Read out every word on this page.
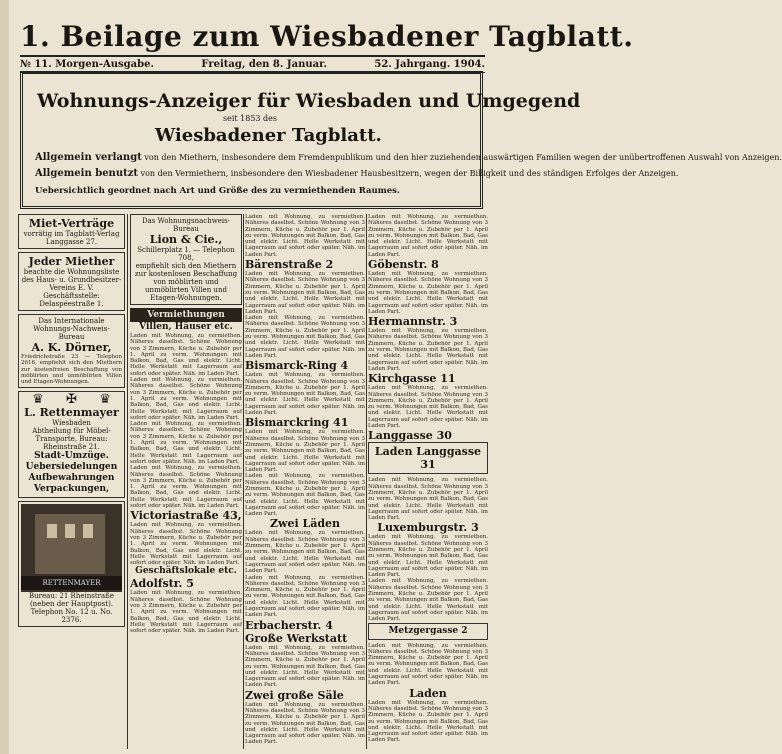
1. Beilage zum Wiesbadener Tagblatt.
№ 11. Morgen-Ausgabe.	Freitag, den 8. Januar.	52. Jahrgang. 1904.
Wohnungs-Anzeiger für Wiesbaden und Umgegend
seit 1853 des
Wiesbadener Tagblatt.
Allgemein verlangt von den Miethern, insbesondere dem Fremdenpublikum und den hier zuziehenden auswärtigen Familien wegen der unübertroffenen Auswahl von Anzeigen.
Allgemein benutzt von den Vermiethern, insbesondere den Wiesbadener Hausbesitzern, wegen der Billigkeit und des ständigen Erfolges der Anzeigen.
Uebersichtlich geordnet nach Art und Größe des zu vermiethenden Raumes.
Miet-Verträge
vorrätig im Tagblatt-Verlag Langgasse 27.
Jeder Miether
beachte die Wohnungsliste des Haus- u. Grundbesitzer-Vereins E. V.
Geschäftsstelle: Delaspéestraße 1.
Das Internationale Wohnungs-Nachweis-Bureau
A. K. Dörner,
Friedrichstraße 23 — Telephon 2616, empfiehlt sich den Miethern zur kostenfreien Beschaffung von möblirten und unmöblirten Villen und Etagen-Wohnungen.
♛ ✠ ♛
L. Rettenmayer
Wiesbaden
Abtheilung für Möbel-Transporte, Bureau: Rheinstraße 21.
Stadt-Umzüge.
Uebersiedelungen
Aufbewahrungen
Verpackungen,
RETTENMAYER
Bureau: 21 Rheinstraße (neben der Hauptpost). Telephon No. 12 u. No. 2376.
Das Wohnungsnachweis-Bureau
Lion & Cie.,
Schillerplatz 1. — Telephon 708,
empfiehlt sich den Miethern zur kostenlosen Beschaffung von möblirten und unmöblirten Villen und Etagen-Wohnungen.
Vermiethungen
Villen, Häuser etc.
Laden mit Wohnung, zu vermiethen. Näheres daselbst. Schöne Wohnung von 3 Zimmern, Küche u. Zubehör per 1. April zu verm. Wohnungen mit Balkon, Bad, Gas und elektr. Licht. Helle Werkstatt mit Lagerraum auf sofort oder später. Näh. im Laden Part.
Laden mit Wohnung, zu vermiethen. Näheres daselbst. Schöne Wohnung von 3 Zimmern, Küche u. Zubehör per 1. April zu verm. Wohnungen mit Balkon, Bad, Gas und elektr. Licht. Helle Werkstatt mit Lagerraum auf sofort oder später. Näh. im Laden Part.
Laden mit Wohnung, zu vermiethen. Näheres daselbst. Schöne Wohnung von 3 Zimmern, Küche u. Zubehör per 1. April zu verm. Wohnungen mit Balkon, Bad, Gas und elektr. Licht. Helle Werkstatt mit Lagerraum auf sofort oder später. Näh. im Laden Part.
Laden mit Wohnung, zu vermiethen. Näheres daselbst. Schöne Wohnung von 3 Zimmern, Küche u. Zubehör per 1. April zu verm. Wohnungen mit Balkon, Bad, Gas und elektr. Licht. Helle Werkstatt mit Lagerraum auf sofort oder später. Näh. im Laden Part.
Victoriastraße 43,
Laden mit Wohnung, zu vermiethen. Näheres daselbst. Schöne Wohnung von 3 Zimmern, Küche u. Zubehör per 1. April zu verm. Wohnungen mit Balkon, Bad, Gas und elektr. Licht. Helle Werkstatt mit Lagerraum auf sofort oder später. Näh. im Laden Part.
Geschäftslokale etc.
Adolfstr. 5
Laden mit Wohnung, zu vermiethen. Näheres daselbst. Schöne Wohnung von 3 Zimmern, Küche u. Zubehör per 1. April zu verm. Wohnungen mit Balkon, Bad, Gas und elektr. Licht. Helle Werkstatt mit Lagerraum auf sofort oder später. Näh. im Laden Part.
Laden mit Wohnung, zu vermiethen. Näheres daselbst. Schöne Wohnung von 3 Zimmern, Küche u. Zubehör per 1. April zu verm. Wohnungen mit Balkon, Bad, Gas und elektr. Licht. Helle Werkstatt mit Lagerraum auf sofort oder später. Näh. im Laden Part.
Bärenstraße 2
Laden mit Wohnung, zu vermiethen. Näheres daselbst. Schöne Wohnung von 3 Zimmern, Küche u. Zubehör per 1. April zu verm. Wohnungen mit Balkon, Bad, Gas und elektr. Licht. Helle Werkstatt mit Lagerraum auf sofort oder später. Näh. im Laden Part.
Laden mit Wohnung, zu vermiethen. Näheres daselbst. Schöne Wohnung von 3 Zimmern, Küche u. Zubehör per 1. April zu verm. Wohnungen mit Balkon, Bad, Gas und elektr. Licht. Helle Werkstatt mit Lagerraum auf sofort oder später. Näh. im Laden Part.
Bismarck-Ring 4
Laden mit Wohnung, zu vermiethen. Näheres daselbst. Schöne Wohnung von 3 Zimmern, Küche u. Zubehör per 1. April zu verm. Wohnungen mit Balkon, Bad, Gas und elektr. Licht. Helle Werkstatt mit Lagerraum auf sofort oder später. Näh. im Laden Part.
Bismarckring 41
Laden mit Wohnung, zu vermiethen. Näheres daselbst. Schöne Wohnung von 3 Zimmern, Küche u. Zubehör per 1. April zu verm. Wohnungen mit Balkon, Bad, Gas und elektr. Licht. Helle Werkstatt mit Lagerraum auf sofort oder später. Näh. im Laden Part.
Laden mit Wohnung, zu vermiethen. Näheres daselbst. Schöne Wohnung von 3 Zimmern, Küche u. Zubehör per 1. April zu verm. Wohnungen mit Balkon, Bad, Gas und elektr. Licht. Helle Werkstatt mit Lagerraum auf sofort oder später. Näh. im Laden Part.
Zwei Läden
Laden mit Wohnung, zu vermiethen. Näheres daselbst. Schöne Wohnung von 3 Zimmern, Küche u. Zubehör per 1. April zu verm. Wohnungen mit Balkon, Bad, Gas und elektr. Licht. Helle Werkstatt mit Lagerraum auf sofort oder später. Näh. im Laden Part.
Laden mit Wohnung, zu vermiethen. Näheres daselbst. Schöne Wohnung von 3 Zimmern, Küche u. Zubehör per 1. April zu verm. Wohnungen mit Balkon, Bad, Gas und elektr. Licht. Helle Werkstatt mit Lagerraum auf sofort oder später. Näh. im Laden Part.
Erbacherstr. 4
Große Werkstatt
Laden mit Wohnung, zu vermiethen. Näheres daselbst. Schöne Wohnung von 3 Zimmern, Küche u. Zubehör per 1. April zu verm. Wohnungen mit Balkon, Bad, Gas und elektr. Licht. Helle Werkstatt mit Lagerraum auf sofort oder später. Näh. im Laden Part.
Zwei große Säle
Laden mit Wohnung, zu vermiethen. Näheres daselbst. Schöne Wohnung von 3 Zimmern, Küche u. Zubehör per 1. April zu verm. Wohnungen mit Balkon, Bad, Gas und elektr. Licht. Helle Werkstatt mit Lagerraum auf sofort oder später. Näh. im Laden Part.
Laden mit Wohnung, zu vermiethen. Näheres daselbst. Schöne Wohnung von 3 Zimmern, Küche u. Zubehör per 1. April zu verm. Wohnungen mit Balkon, Bad, Gas und elektr. Licht. Helle Werkstatt mit Lagerraum auf sofort oder später. Näh. im Laden Part.
Göbenstr. 8
Laden mit Wohnung, zu vermiethen. Näheres daselbst. Schöne Wohnung von 3 Zimmern, Küche u. Zubehör per 1. April zu verm. Wohnungen mit Balkon, Bad, Gas und elektr. Licht. Helle Werkstatt mit Lagerraum auf sofort oder später. Näh. im Laden Part.
Hermannstr. 3
Laden mit Wohnung, zu vermiethen. Näheres daselbst. Schöne Wohnung von 3 Zimmern, Küche u. Zubehör per 1. April zu verm. Wohnungen mit Balkon, Bad, Gas und elektr. Licht. Helle Werkstatt mit Lagerraum auf sofort oder später. Näh. im Laden Part.
Kirchgasse 11
Laden mit Wohnung, zu vermiethen. Näheres daselbst. Schöne Wohnung von 3 Zimmern, Küche u. Zubehör per 1. April zu verm. Wohnungen mit Balkon, Bad, Gas und elektr. Licht. Helle Werkstatt mit Lagerraum auf sofort oder später. Näh. im Laden Part.
Langgasse 30
Laden Langgasse 31
Laden mit Wohnung, zu vermiethen. Näheres daselbst. Schöne Wohnung von 3 Zimmern, Küche u. Zubehör per 1. April zu verm. Wohnungen mit Balkon, Bad, Gas und elektr. Licht. Helle Werkstatt mit Lagerraum auf sofort oder später. Näh. im Laden Part.
Luxemburgstr. 3
Laden mit Wohnung, zu vermiethen. Näheres daselbst. Schöne Wohnung von 3 Zimmern, Küche u. Zubehör per 1. April zu verm. Wohnungen mit Balkon, Bad, Gas und elektr. Licht. Helle Werkstatt mit Lagerraum auf sofort oder später. Näh. im Laden Part.
Laden mit Wohnung, zu vermiethen. Näheres daselbst. Schöne Wohnung von 3 Zimmern, Küche u. Zubehör per 1. April zu verm. Wohnungen mit Balkon, Bad, Gas und elektr. Licht. Helle Werkstatt mit Lagerraum auf sofort oder später. Näh. im Laden Part.
Metzgergasse 2
Laden mit Wohnung, zu vermiethen. Näheres daselbst. Schöne Wohnung von 3 Zimmern, Küche u. Zubehör per 1. April zu verm. Wohnungen mit Balkon, Bad, Gas und elektr. Licht. Helle Werkstatt mit Lagerraum auf sofort oder später. Näh. im Laden Part.
Laden
Laden mit Wohnung, zu vermiethen. Näheres daselbst. Schöne Wohnung von 3 Zimmern, Küche u. Zubehör per 1. April zu verm. Wohnungen mit Balkon, Bad, Gas und elektr. Licht. Helle Werkstatt mit Lagerraum auf sofort oder später. Näh. im Laden Part.
